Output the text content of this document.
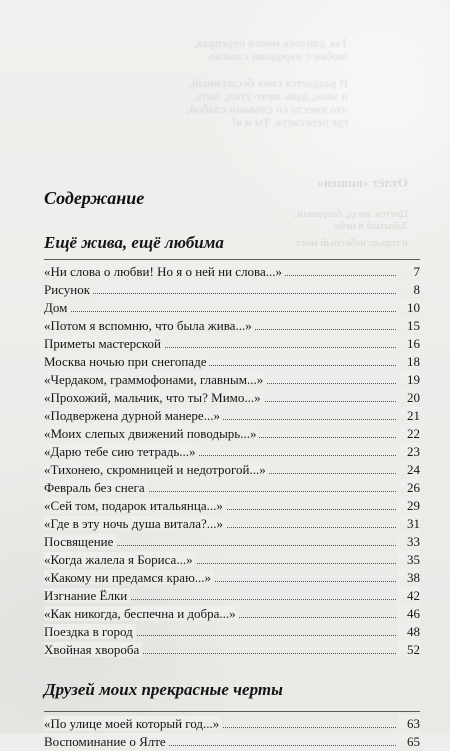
Так длилось много переправ,
любви с народами сложно.

И раздается смех бесшумный,
и звон, дань мечт-утил, быть,
что вместо со словами слабой,
где пересвета. Ты и я!

Отлёт «вишен»

Цветок звезд, багряный,
Забытый в небе

и горько небесный мост

Содержание
Ещё жива, ещё любима
«Ни слова о любви! Но я о ней ни слова...»	7
Рисунок	8
Дом	10
«Потом я вспомню, что была жива...»	15
Приметы мастерской	16
Москва ночью при снегопаде	18
«Чердаком, граммофонами, главным...»	19
«Прохожий, мальчик, что ты? Мимо...»	20
«Подвержена дурной манере...»	21
«Моих слепых движений поводырь...»	22
«Дарю тебе сию тетрадь...»	23
«Тихонею, скромницей и недотрогой...»	24
Февраль без снега	26
«Сей том, подарок итальянца...»	29
«Где в эту ночь душа витала?...»	31
Посвящение	33
«Когда жалела я Бориса...»	35
«Какому ни предамся краю...»	38
Изгнание Ёлки	42
«Как никогда, беспечна и добра...»	46
Поездка в город	48
Хвойная хворобa	52
Друзей моих прекрасные черты
«По улице моей который год...»	63
Воспоминание о Ялте	65
